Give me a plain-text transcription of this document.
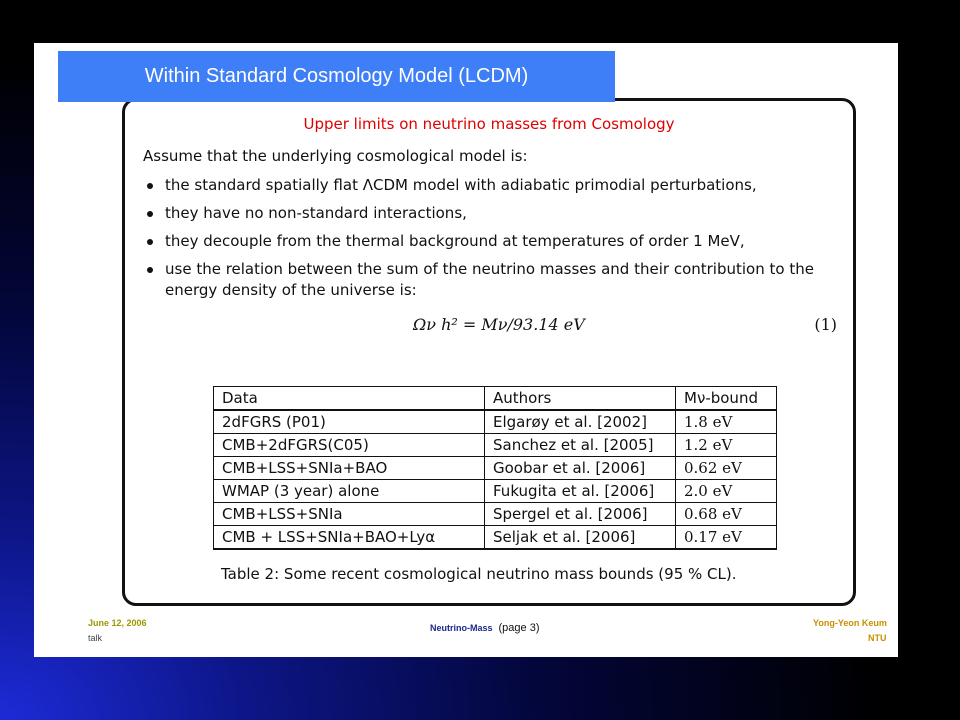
Within Standard Cosmology Model (LCDM)
Upper limits on neutrino masses from Cosmology
Assume that the underlying cosmological model is:
the standard spatially flat ΛCDM model with adiabatic primodial perturbations,
they have no non-standard interactions,
they decouple from the thermal background at temperatures of order 1 MeV,
use the relation between the sum of the neutrino masses and their contribution to the energy density of the universe is:
Ων h² = Mν/93.14 eV	(1)
Data	Authors	Mν-bound
2dFGRS (P01)	Elgarøy et al. [2002]	1.8 eV
CMB+2dFGRS(C05)	Sanchez et al. [2005]	1.2 eV
CMB+LSS+SNIa+BAO	Goobar et al. [2006]	0.62 eV
WMAP (3 year) alone	Fukugita et al. [2006]	2.0 eV
CMB+LSS+SNIa	Spergel et al. [2006]	0.68 eV
CMB + LSS+SNIa+BAO+Lyα	Seljak et al. [2006]	0.17 eV
Table 2: Some recent cosmological neutrino mass bounds (95 % CL).
June 12, 2006
talk
Neutrino-Mass (page 3)	Yong-Yeon Keum
NTU
